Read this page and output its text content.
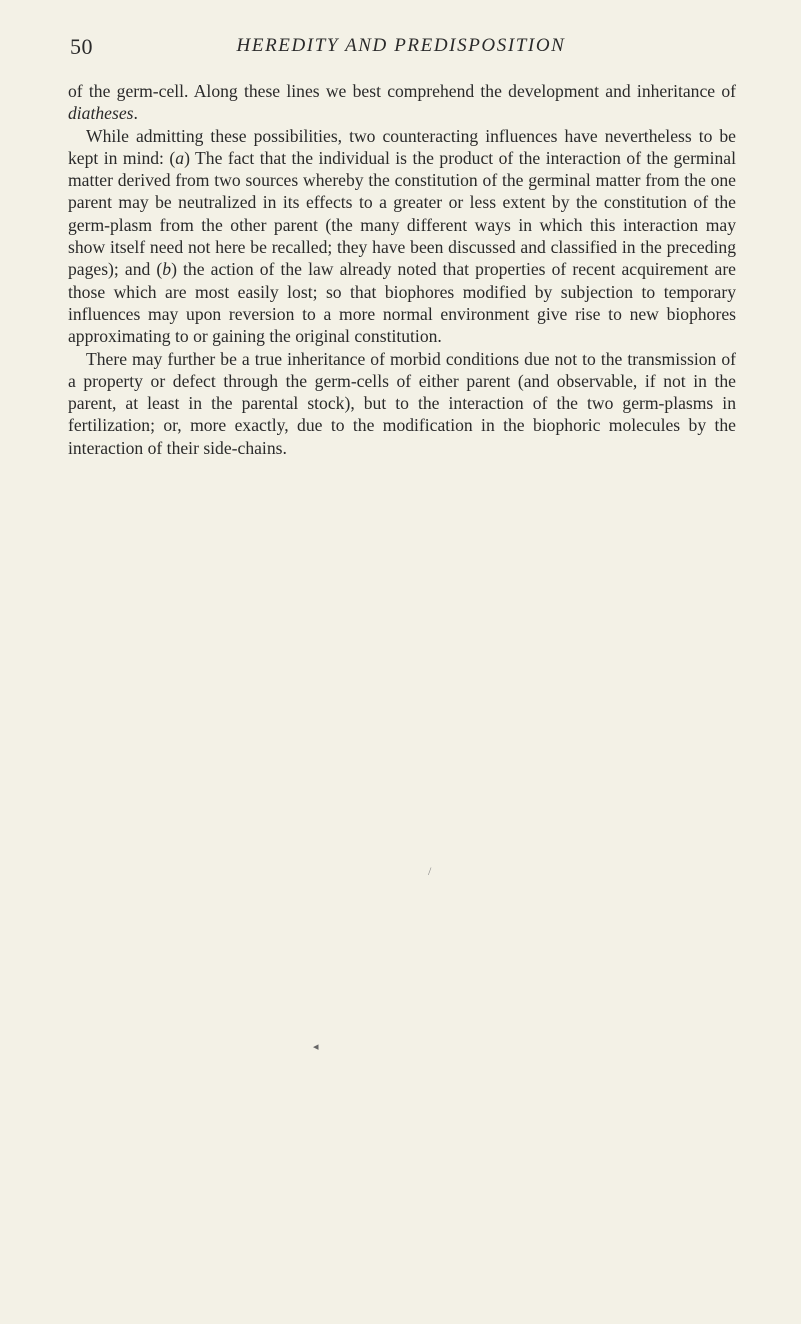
50	HEREDITY AND PREDISPOSITION

of the germ-cell. Along these lines we best comprehend the development and inheritance of diatheses.

While admitting these possibilities, two counteracting influences have nevertheless to be kept in mind: (a) The fact that the individual is the product of the interaction of the germinal matter derived from two sources whereby the constitution of the germinal matter from the one parent may be neutralized in its effects to a greater or less extent by the constitution of the germ-plasm from the other parent (the many different ways in which this interaction may show itself need not here be recalled; they have been discussed and classified in the preceding pages); and (b) the action of the law already noted that properties of recent acquirement are those which are most easily lost; so that biophores modified by subjection to temporary influences may upon reversion to a more normal environment give rise to new biophores approximating to or gaining the original constitution.

There may further be a true inheritance of morbid conditions due not to the transmission of a property or defect through the germ-cells of either parent (and observable, if not in the parent, at least in the parental stock), but to the interaction of the two germ-plasms in fertilization; or, more exactly, due to the modification in the biophoric molecules by the interaction of their side-chains.

/
◂
